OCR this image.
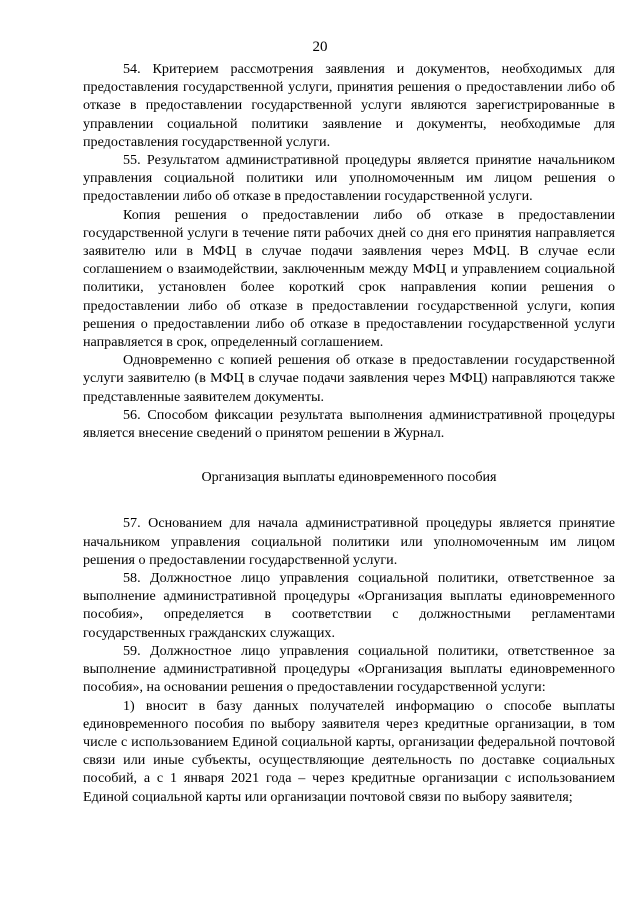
20

54. Критерием рассмотрения заявления и документов, необходимых для предоставления государственной услуги, принятия решения о предоставлении либо об отказе в предоставлении государственной услуги являются зарегистрированные в управлении социальной политики заявление и документы, необходимые для предоставления государственной услуги.

55. Результатом административной процедуры является принятие начальником управления социальной политики или уполномоченным им лицом решения о предоставлении либо об отказе в предоставлении государственной услуги.

Копия решения о предоставлении либо об отказе в предоставлении государственной услуги в течение пяти рабочих дней со дня его принятия направляется заявителю или в МФЦ в случае подачи заявления через МФЦ. В случае если соглашением о взаимодействии, заключенным между МФЦ и управлением социальной политики, установлен более короткий срок направления копии решения о предоставлении либо об отказе в предоставлении государственной услуги, копия решения о предоставлении либо об отказе в предоставлении государственной услуги направляется в срок, определенный соглашением.

Одновременно с копией решения об отказе в предоставлении государственной услуги заявителю (в МФЦ в случае подачи заявления через МФЦ) направляются также представленные заявителем документы.

56. Способом фиксации результата выполнения административной процедуры является внесение сведений о принятом решении в Журнал.

Организация выплаты единовременного пособия

57. Основанием для начала административной процедуры является принятие начальником управления социальной политики или уполномоченным им лицом решения о предоставлении государственной услуги.

58. Должностное лицо управления социальной политики, ответственное за выполнение административной процедуры «Организация выплаты единовременного пособия», определяется в соответствии с должностными регламентами государственных гражданских служащих.

59. Должностное лицо управления социальной политики, ответственное за выполнение административной процедуры «Организация выплаты единовременного пособия», на основании решения о предоставлении государственной услуги:

1) вносит в базу данных получателей информацию о способе выплаты единовременного пособия по выбору заявителя через кредитные организации, в том числе с использованием Единой социальной карты, организации федеральной почтовой связи или иные субъекты, осуществляющие деятельность по доставке социальных пособий, а с 1 января 2021 года – через кредитные организации с использованием Единой социальной карты или организации почтовой связи по выбору заявителя;
